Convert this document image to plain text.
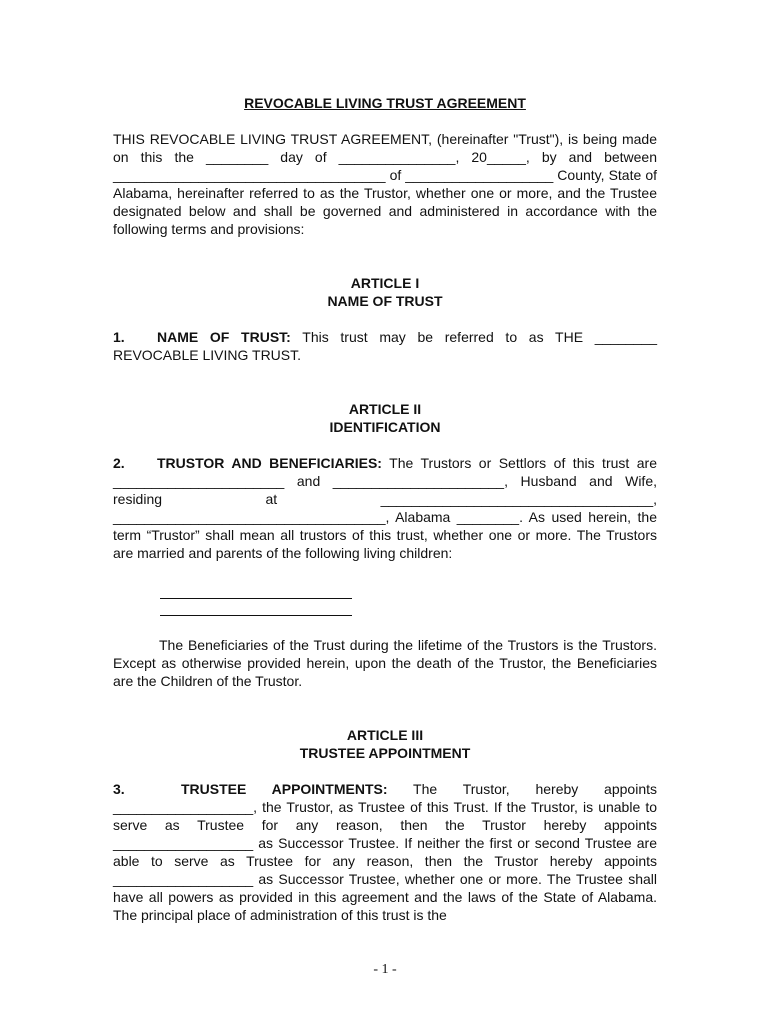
REVOCABLE LIVING TRUST AGREEMENT

THIS REVOCABLE LIVING TRUST AGREEMENT, (hereinafter "Trust"), is being made on this the ________ day of _______________, 20_____, by and between ___________________________________ of ___________________ County, State of Alabama, hereinafter referred to as the Trustor, whether one or more, and the Trustee designated below and shall be governed and administered in accordance with the following terms and provisions:

ARTICLE I

NAME OF TRUST

1. NAME OF TRUST: This trust may be referred to as THE ________ REVOCABLE LIVING TRUST.

ARTICLE II

IDENTIFICATION

2. TRUSTOR AND BENEFICIARIES: The Trustors or Settlors of this trust are ______________________ and ______________________, Husband and Wife, residing at ___________________________________, ___________________________________, Alabama ________. As used herein, the term “Trustor” shall mean all trustors of this trust, whether one or more. The Trustors are married and parents of the following living children:

The Beneficiaries of the Trust during the lifetime of the Trustors is the Trustors. Except as otherwise provided herein, upon the death of the Trustor, the Beneficiaries are the Children of the Trustor.

ARTICLE III

TRUSTEE APPOINTMENT

3.	TRUSTEE APPOINTMENTS: The Trustor, hereby appoints __________________, the Trustor, as Trustee of this Trust. If the Trustor, is unable to serve as Trustee for any reason, then the Trustor hereby appoints __________________ as Successor Trustee. If neither the first or second Trustee are able to serve as Trustee for any reason, then the Trustor hereby appoints __________________ as Successor Trustee, whether one or more. The Trustee shall have all powers as provided in this agreement and the laws of the State of Alabama. The principal place of administration of this trust is the

- 1 -
